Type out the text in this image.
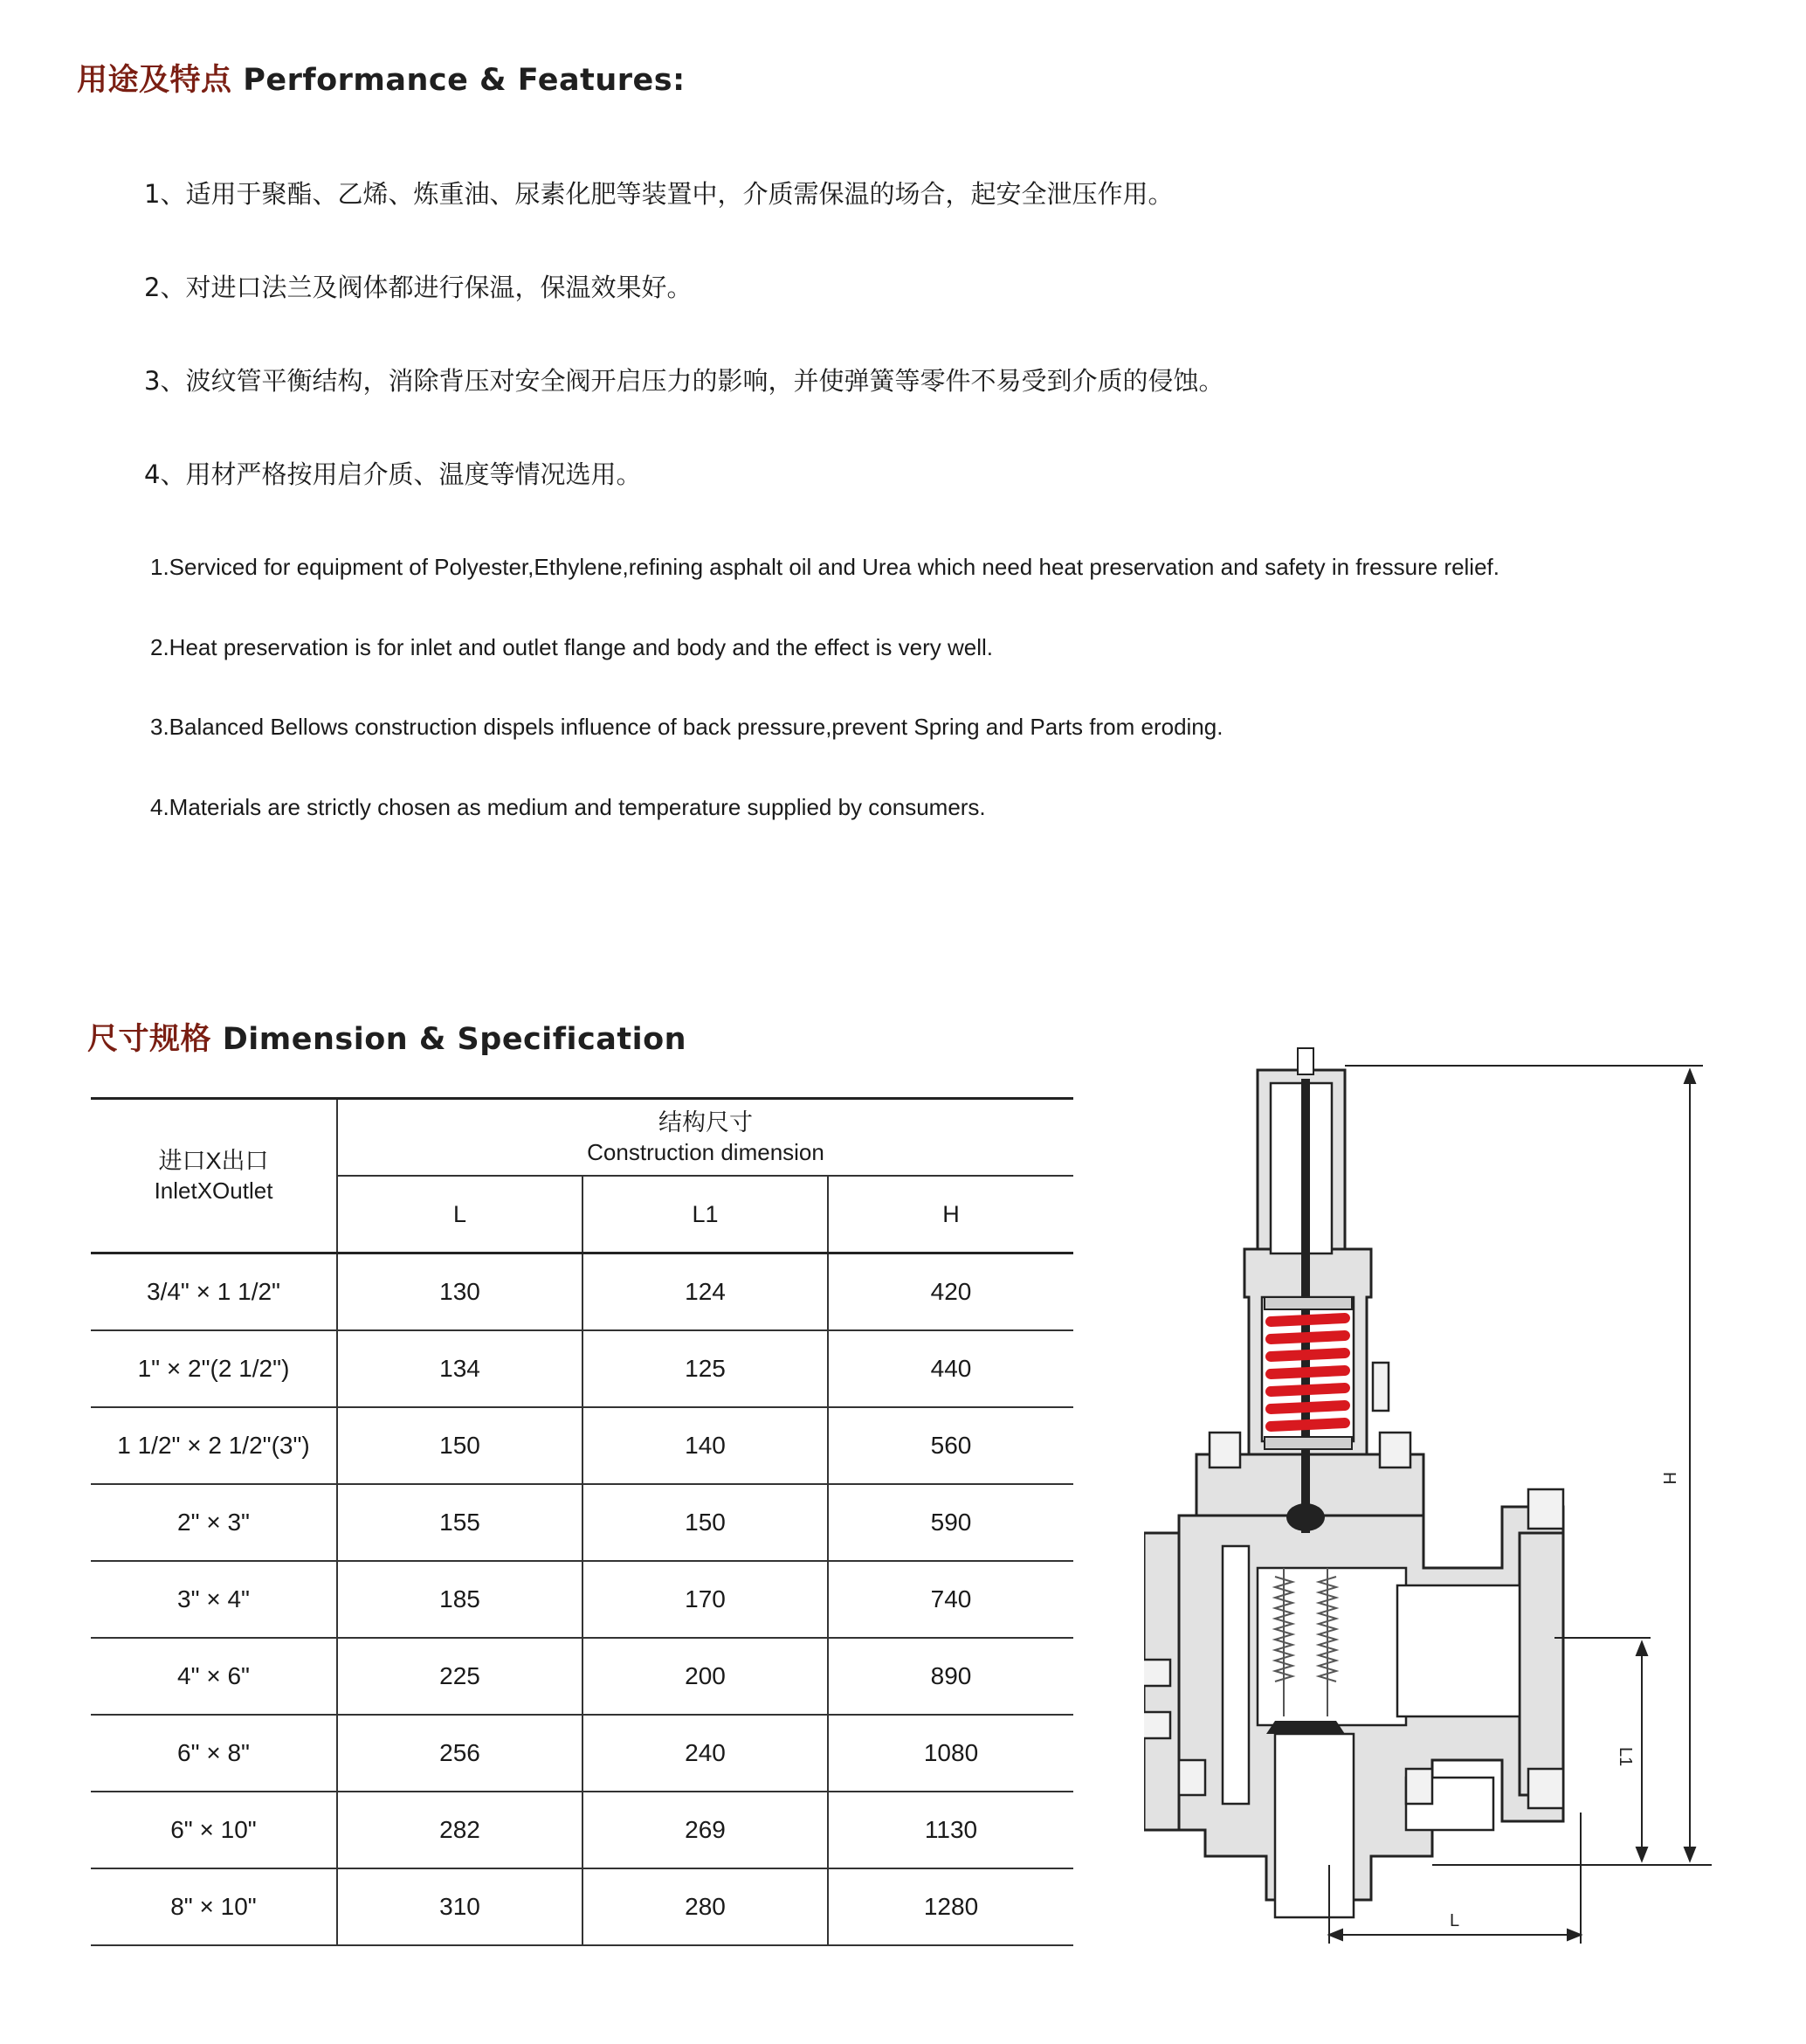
用途及特点 Performance & Features:
1、适用于聚酯、乙烯、炼重油、尿素化肥等装置中，介质需保温的场合，起安全泄压作用。
2、对进口法兰及阀体都进行保温，保温效果好。
3、波纹管平衡结构，消除背压对安全阀开启压力的影响，并使弹簧等零件不易受到介质的侵蚀。
4、用材严格按用启介质、温度等情况选用。
1.Serviced for equipment of Polyester,Ethylene,refining asphalt oil and Urea which need heat preservation and safety in fressure relief.
2.Heat preservation is for inlet and outlet flange and body and the effect is very well.
3.Balanced Bellows construction dispels influence of back pressure,prevent Spring and Parts from eroding.
4.Materials are strictly chosen as medium and temperature supplied by consumers.
尺寸规格 Dimension & Specification
进口X出口
InletXOutlet	结构尺寸
Construction dimension		

	L	L1	H
3/4" × 1 1/2"	130	124	420
1" × 2"(2 1/2")	134	125	440
1 1/2" × 2 1/2"(3")	150	140	560
2" × 3"	155	150	590
3" × 4"	185	170	740
4" × 6"	225	200	890
6" × 8"	256	240	1080
6" × 10"	282	269	1130
8" × 10"	310	280	1280
H
L1
L
